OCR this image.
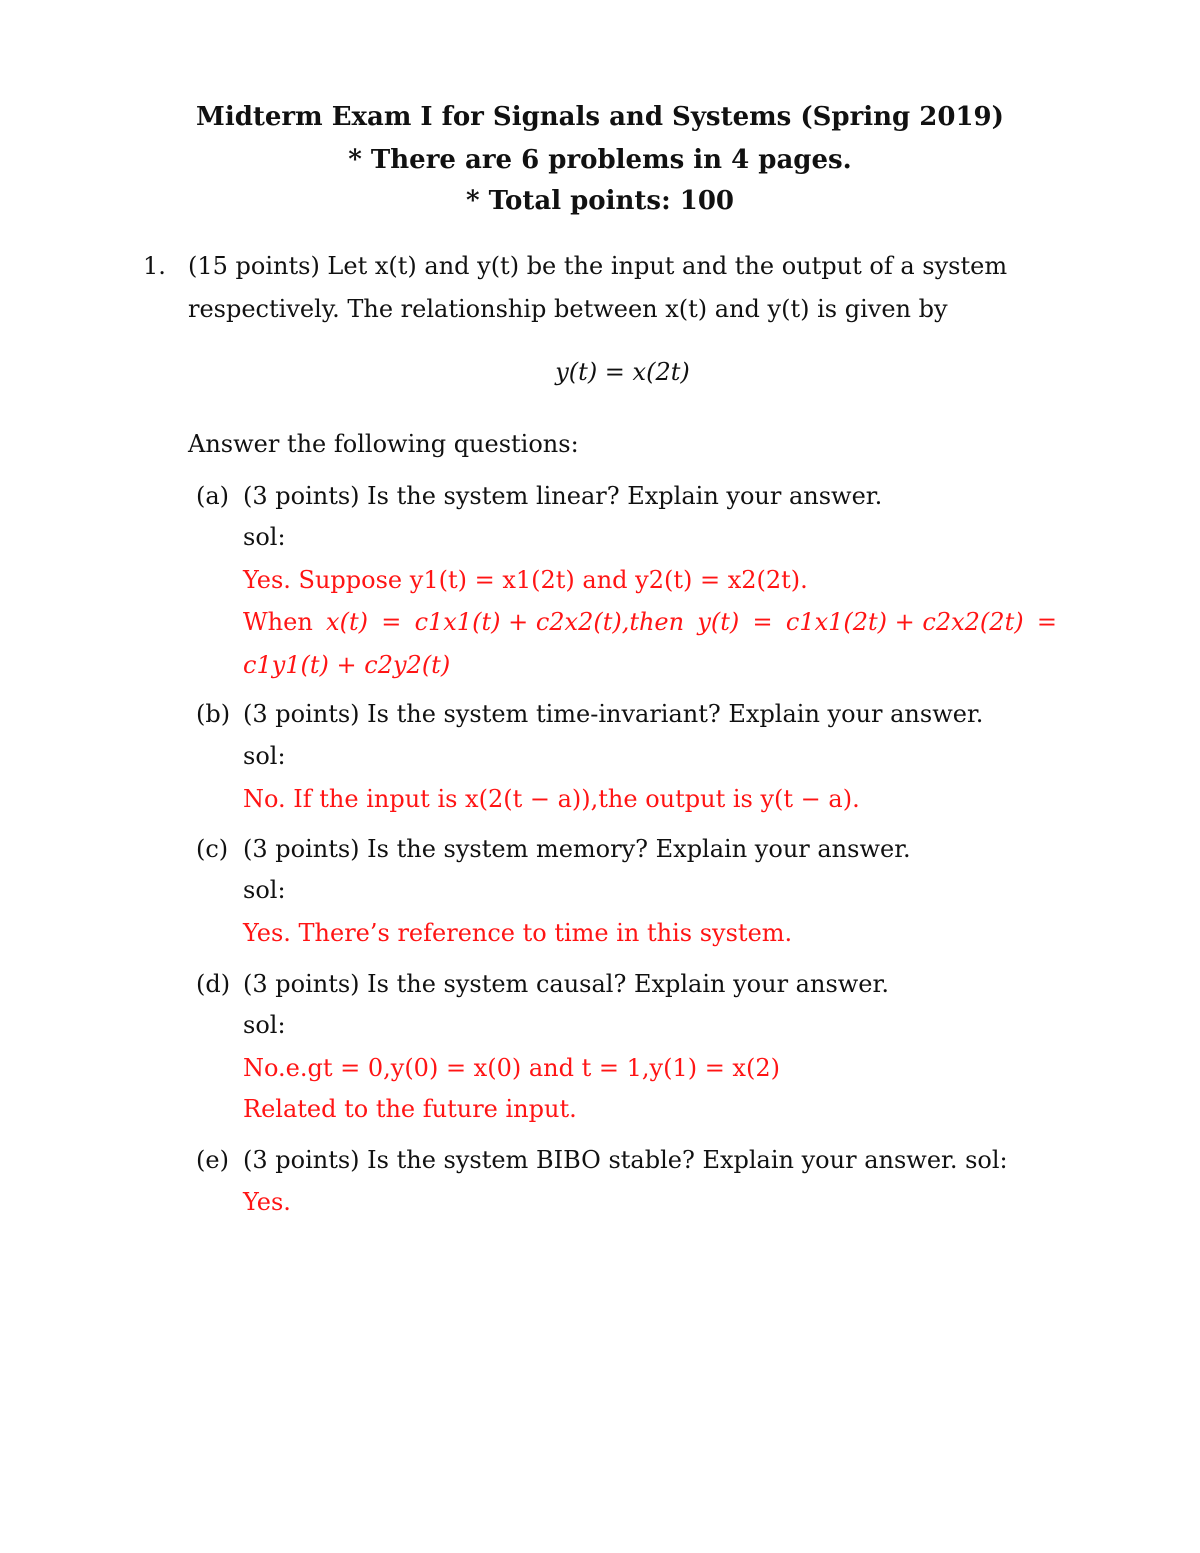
Midterm Exam I for Signals and Systems (Spring 2019)
* There are 6 problems in 4 pages.
* Total points: 100
1. (15 points) Let x(t) and y(t) be the input and the output of a system
respectively. The relationship between x(t) and y(t) is given by
y(t) = x(2t)
Answer the following questions:
(a) (3 points) Is the system linear? Explain your answer.
sol:
Yes. Suppose y1(t) = x1(2t) and y2(t) = x2(2t).
When x(t) = c1x1(t) + c2x2(t),then y(t) = c1x1(2t) + c2x2(2t) =
c1y1(t) + c2y2(t)
(b) (3 points) Is the system time-invariant? Explain your answer.
sol:
No. If the input is x(2(t − a)),the output is y(t − a).
(c) (3 points) Is the system memory? Explain your answer.
sol:
Yes. There’s reference to time in this system.
(d) (3 points) Is the system causal? Explain your answer.
sol:
No.e.gt = 0,y(0) = x(0) and t = 1,y(1) = x(2)
Related to the future input.
(e) (3 points) Is the system BIBO stable? Explain your answer. sol:
Yes.
